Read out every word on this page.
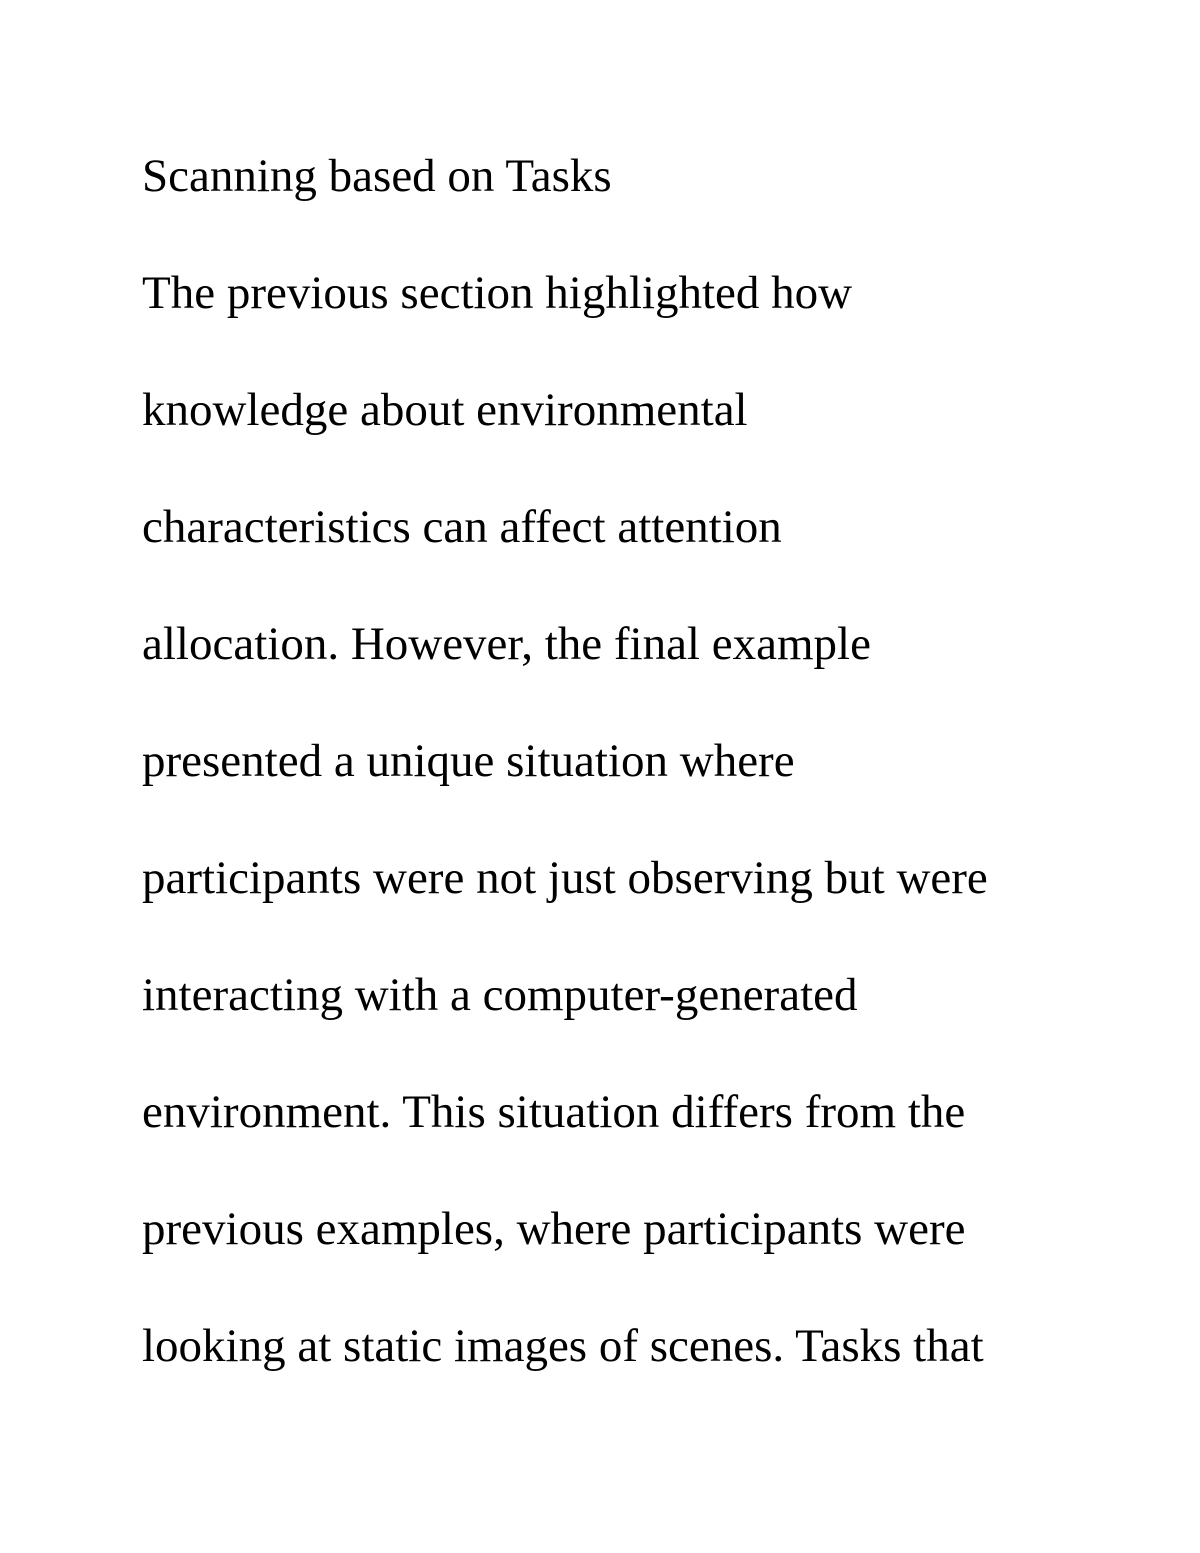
Scanning based on Tasks

The previous section highlighted how

knowledge about environmental

characteristics can affect attention

allocation. However, the final example

presented a unique situation where

participants were not just observing but were

interacting with a computer-generated

environment. This situation differs from the

previous examples, where participants were

looking at static images of scenes. Tasks that
